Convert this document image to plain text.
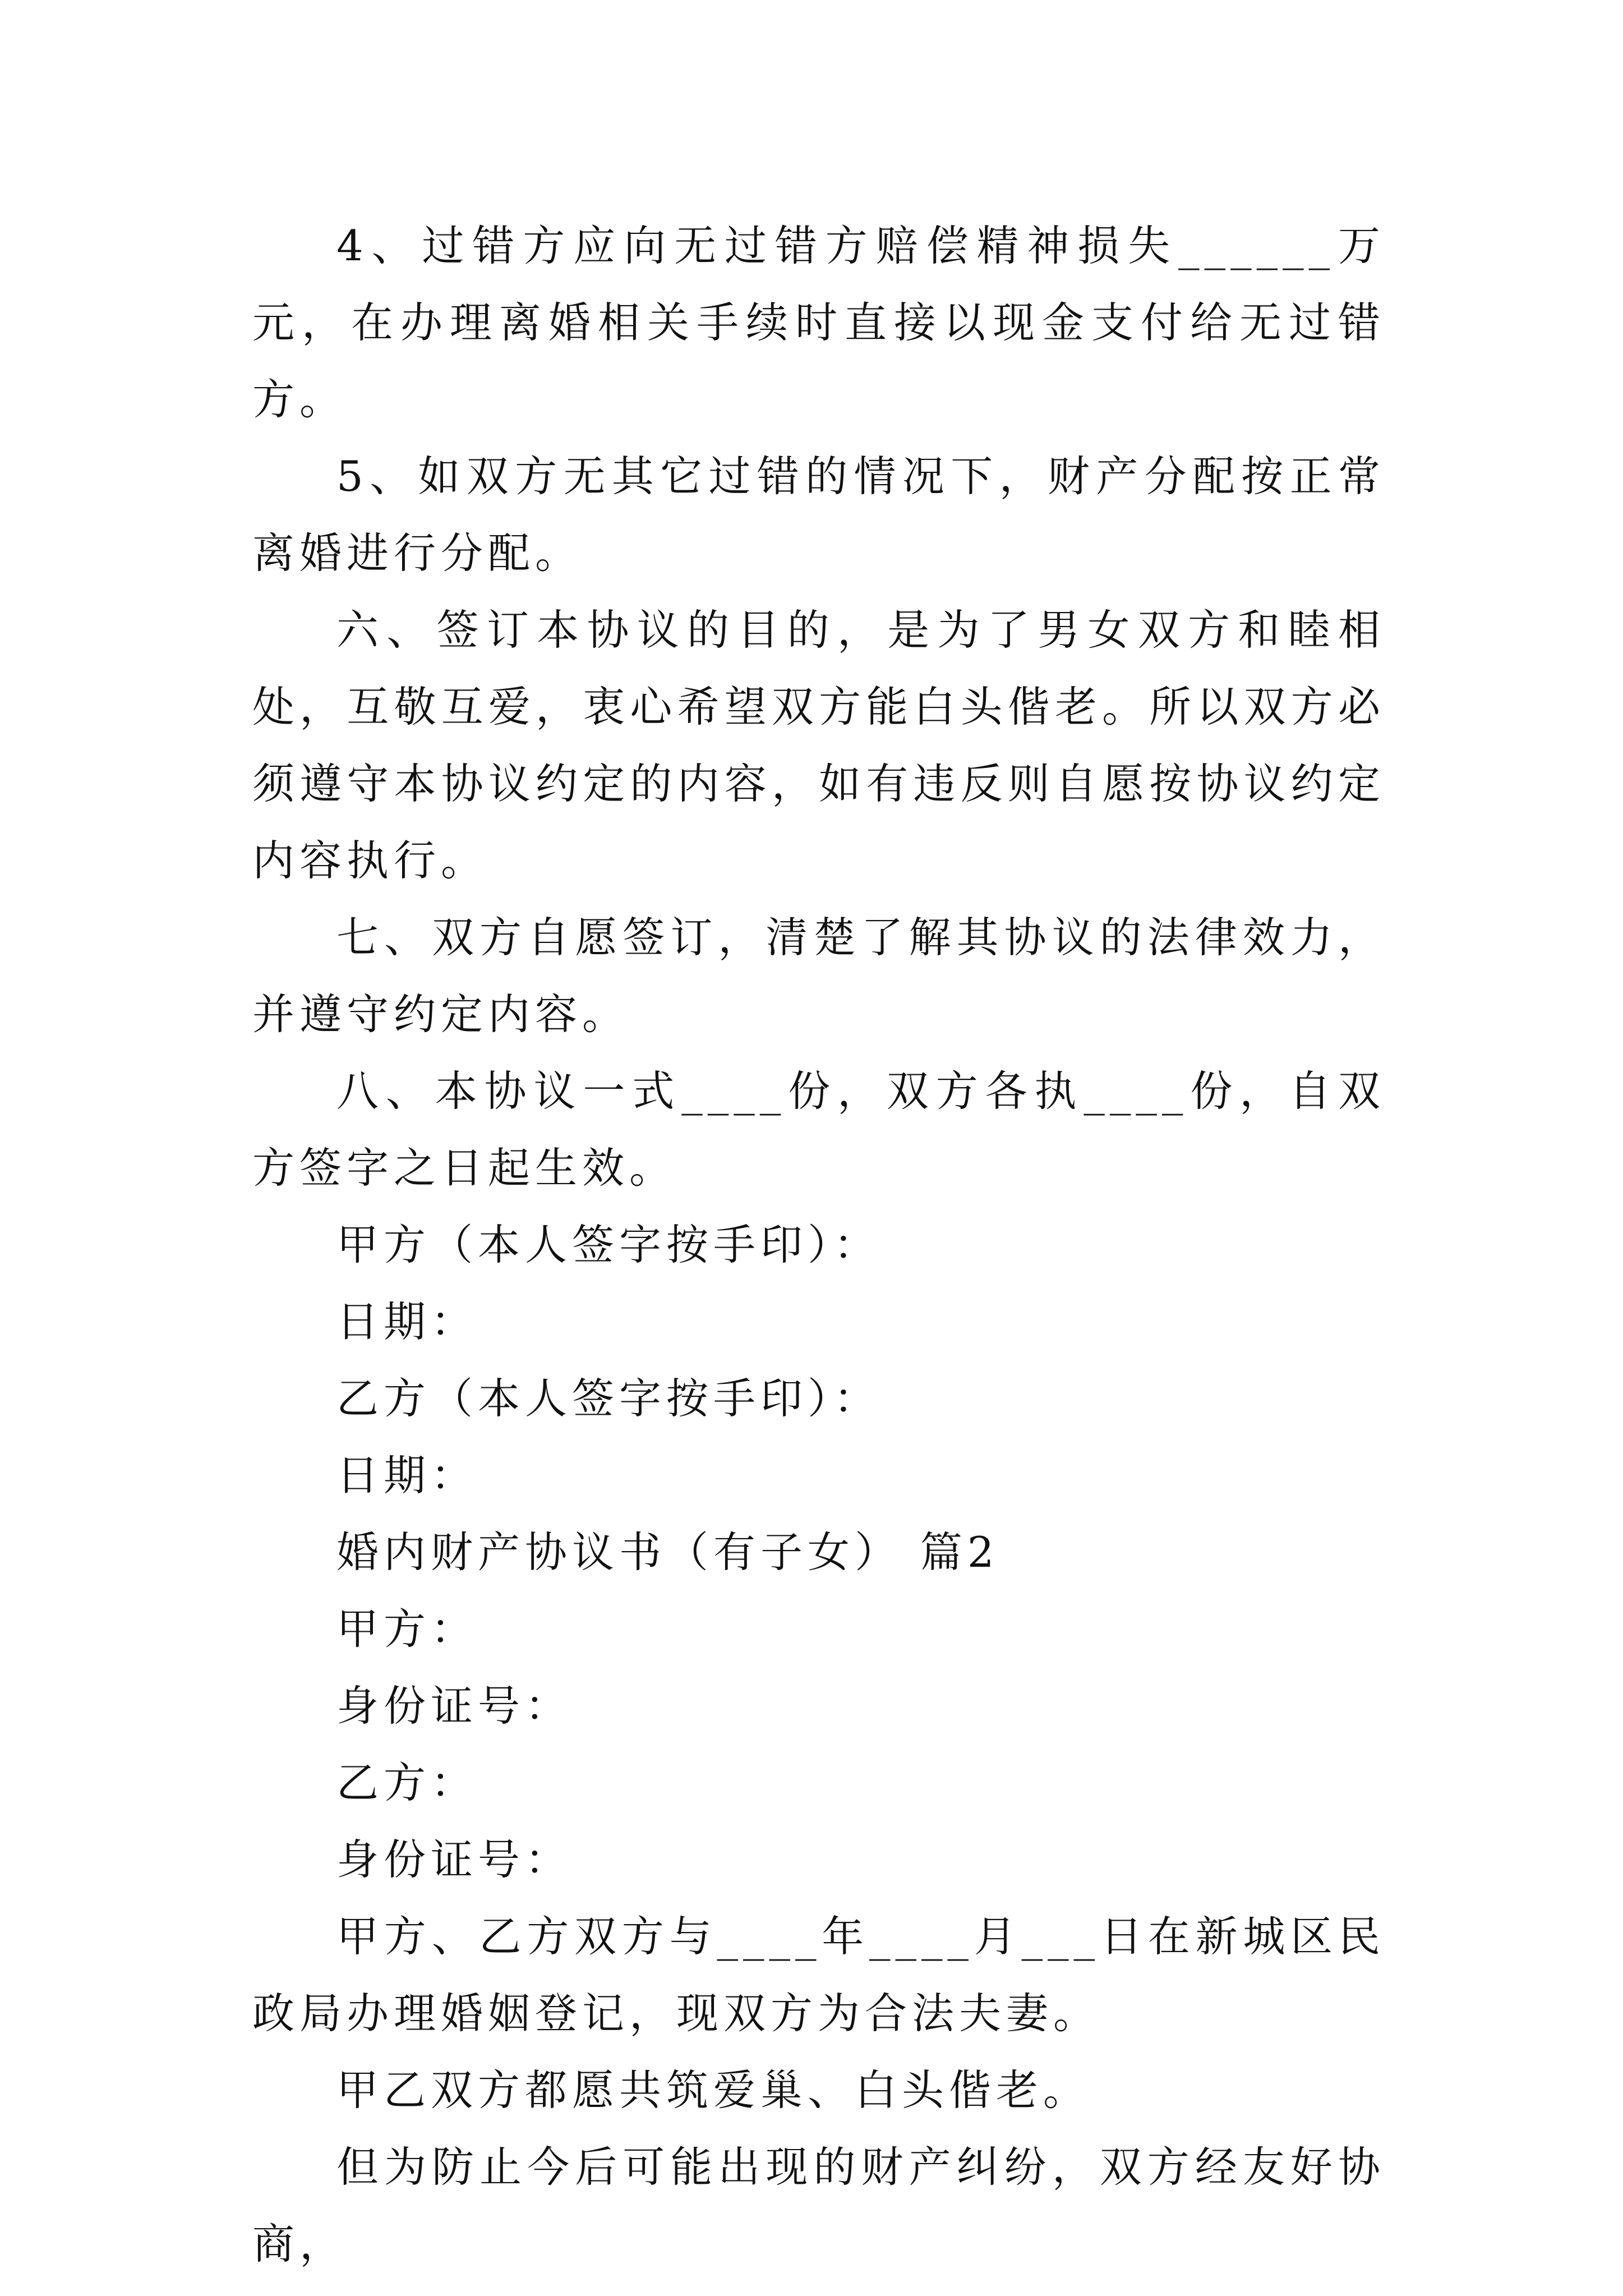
4、过错方应向无过错方赔偿精神损失______万元，在办理离婚相关手续时直接以现金支付给无过错方。

5、如双方无其它过错的情况下，财产分配按正常离婚进行分配。

六、签订本协议的目的，是为了男女双方和睦相处，互敬互爱，衷心希望双方能白头偕老。所以双方必须遵守本协议约定的内容，如有违反则自愿按协议约定内容执行。

七、双方自愿签订，清楚了解其协议的法律效力，并遵守约定内容。

八、本协议一式____份，双方各执____份，自双方签字之日起生效。

甲方（本人签字按手印）：

日期：

乙方（本人签字按手印）：

日期：

婚内财产协议书（有子女） 篇2

甲方：

身份证号：

乙方：

身份证号：

甲方、乙方双方与____年____月___日在新城区民政局办理婚姻登记，现双方为合法夫妻。

甲乙双方都愿共筑爱巢、白头偕老。

但为防止今后可能出现的财产纠纷，双方经友好协商，
